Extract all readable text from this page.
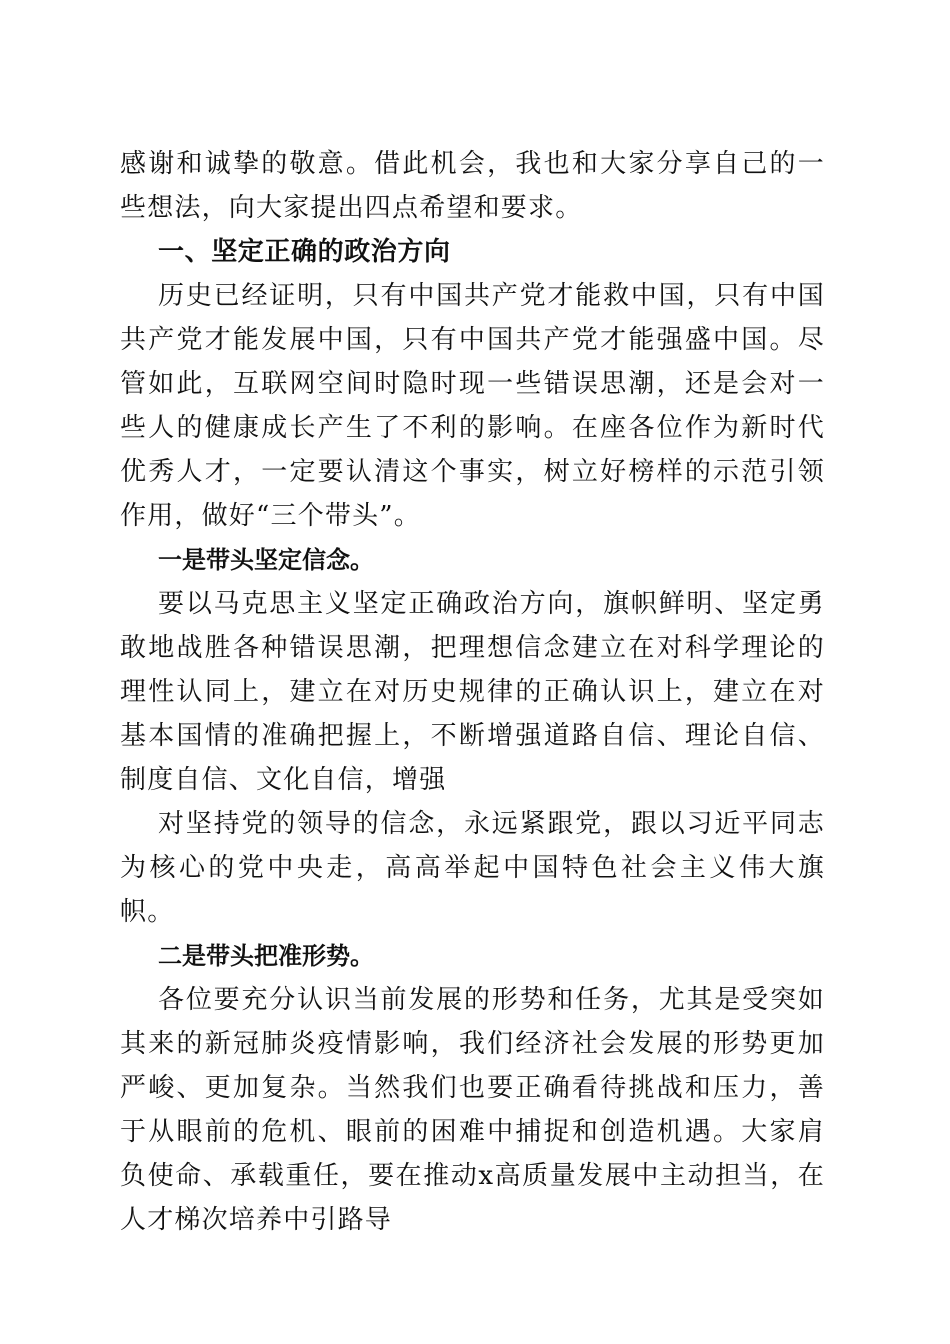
感谢和诚挚的敬意。借此机会，我也和大家分享自己的一些想法，向大家提出四点希望和要求。

一、坚定正确的政治方向

历史已经证明，只有中国共产党才能救中国，只有中国共产党才能发展中国，只有中国共产党才能强盛中国。尽管如此，互联网空间时隐时现一些错误思潮，还是会对一些人的健康成长产生了不利的影响。在座各位作为新时代优秀人才，一定要认清这个事实，树立好榜样的示范引领作用，做好“三个带头”。

一是带头坚定信念。

要以马克思主义坚定正确政治方向，旗帜鲜明、坚定勇敢地战胜各种错误思潮，把理想信念建立在对科学理论的理性认同上，建立在对历史规律的正确认识上，建立在对基本国情的准确把握上，不断增强道路自信、理论自信、制度自信、文化自信，增强

对坚持党的领导的信念，永远紧跟党，跟以习近平同志为核心的党中央走，高高举起中国特色社会主义伟大旗帜。

二是带头把准形势。

各位要充分认识当前发展的形势和任务，尤其是受突如其来的新冠肺炎疫情影响，我们经济社会发展的形势更加严峻、更加复杂。当然我们也要正确看待挑战和压力，善于从眼前的危机、眼前的困难中捕捉和创造机遇。大家肩负使命、承载重任，要在推动x高质量发展中主动担当，在人才梯次培养中引路导
